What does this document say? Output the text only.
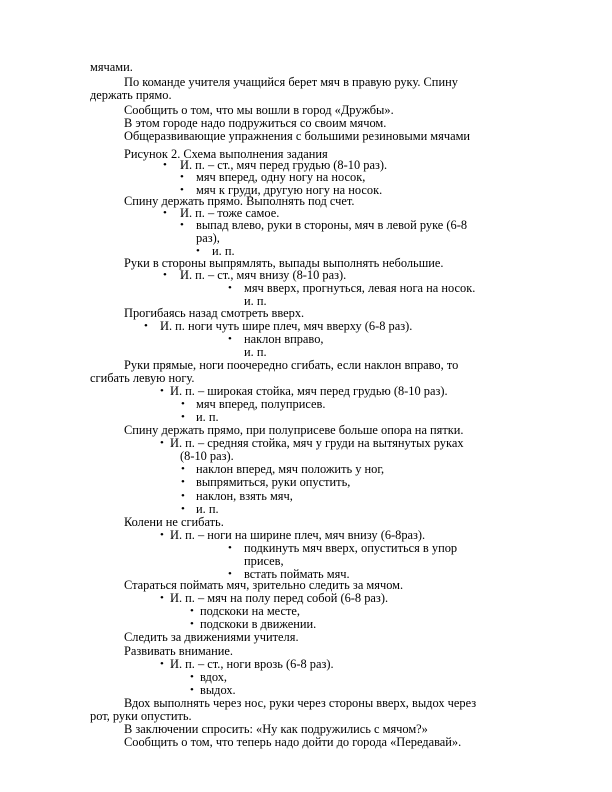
мячами.
По команде учителя учащийся берет мяч в правую руку. Спину
держать прямо.
Сообщить о том, что мы вошли в город «Дружбы».
В этом городе надо подружиться со своим мячом.
Общеразвивающие упражнения с большими резиновыми мячами
Рисунок 2. Схема выполнения задания
• И. п. – ст., мяч перед грудью (8-10 раз).
• мяч вперед, одну ногу на носок,
• мяч к груди, другую ногу на носок.
Спину держать прямо. Выполнять под счет.
• И. п. – тоже самое.
• выпад влево, руки в стороны, мяч в левой руке (6-8
раз),
• и. п.
Руки в стороны выпрямлять, выпады выполнять небольшие.
• И. п. – ст., мяч внизу (8-10 раз).
• мяч вверх, прогнуться, левая нога на носок.
и. п.
Прогибаясь назад смотреть вверх.
• И. п. ноги чуть шире плеч, мяч вверху (6-8 раз).
• наклон вправо,
и. п.
Руки прямые, ноги поочередно сгибать, если наклон вправо, то
сгибать левую ногу.
• И. п. – широкая стойка, мяч перед грудью (8-10 раз).
• мяч вперед, полуприсев.
• и. п.
Спину держать прямо, при полуприсеве больше опора на пятки.
• И. п. – средняя стойка, мяч у груди на вытянутых руках
(8-10 раз).
• наклон вперед, мяч положить у ног,
• выпрямиться, руки опустить,
• наклон, взять мяч,
• и. п.
Колени не сгибать.
• И. п. – ноги на ширине плеч, мяч внизу (6-8раз).
• подкинуть мяч вверх, опуститься в упор
присев,
• встать поймать мяч.
Стараться поймать мяч, зрительно следить за мячом.
• И. п. – мяч на полу перед собой (6-8 раз).
• подскоки на месте,
• подскоки в движении.
Следить за движениями учителя.
Развивать внимание.
• И. п. – ст., ноги врозь (6-8 раз).
• вдох,
• выдох.
Вдох выполнять через нос, руки через стороны вверх, выдох через
рот, руки опустить.
В заключении спросить: «Ну как подружились с мячом?»
Сообщить о том, что теперь надо дойти до города «Передавай».
